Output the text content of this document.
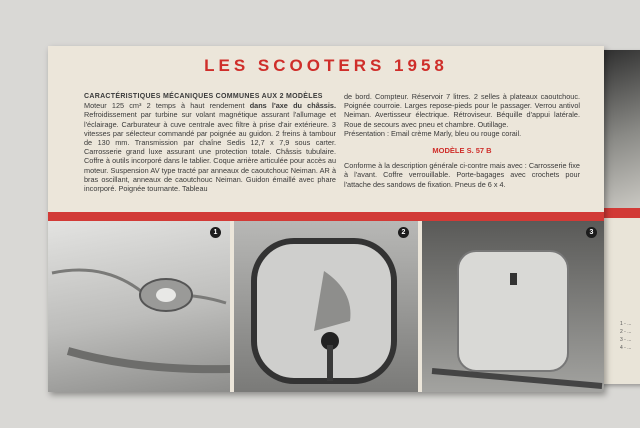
1 - ...
2 - ...
3 - ...
4 - ...
LES SCOOTERS 1958
CARACTÉRISTIQUES MÉCANIQUES COMMUNES AUX 2 MODÈLES
Moteur 125 cm³ 2 temps à haut rendement dans l'axe du châssis. Refroidissement par turbine sur volant magnétique assurant l'allumage et l'éclairage. Carburateur à cuve centrale avec filtre à prise d'air extérieure. 3 vitesses par sélecteur commandé par poignée au guidon. 2 freins à tambour de 130 mm. Transmission par chaîne Sedis 12,7 x 7,9 sous carter. Carrosserie grand luxe assurant une protection totale. Châssis tubulaire. Coffre à outils incorporé dans le tablier. Coque arrière articulée pour accès au moteur. Suspension AV type tracté par anneaux de caoutchouc Neiman. AR à bras oscillant, anneaux de caoutchouc Neiman. Guidon émaillé avec phare incorporé. Poignée tournante. Tableau
de bord. Compteur. Réservoir 7 litres. 2 selles à plateaux caoutchouc. Poignée courroie. Larges repose-pieds pour le passager. Verrou antivol Neiman. Avertisseur électrique. Rétroviseur. Béquille d'appui latérale. Roue de secours avec pneu et chambre. Outillage.
Présentation : Email crème Marly, bleu ou rouge corail.
MODÈLE S. 57 B
Conforme à la description générale ci-contre mais avec : Carrosserie fixe à l'avant. Coffre verrouillable. Porte-bagages avec crochets pour l'attache des sandows de fixation. Pneus de 6 x 4.
1	2	3
